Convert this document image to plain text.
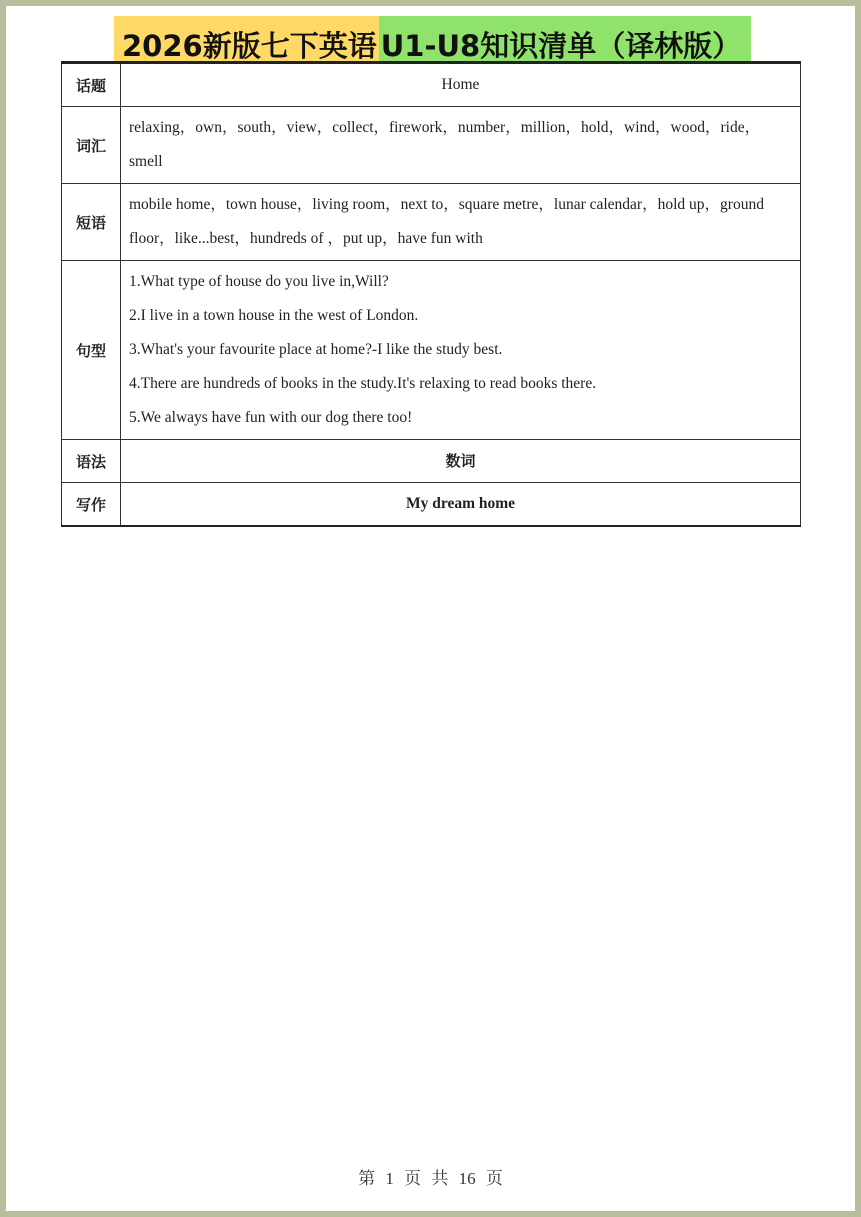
2026新版七下英语 U1-U8知识清单（译林版）
话题	Home
词汇	relaxing，own，south，view，collect，firework，number，million，hold，wind，wood，ride，smell
短语	mobile home，town house，living room，next to，square metre，lunar calendar，hold up，ground floor，like...best，hundreds of ，put up，have fun with
句型	1.What type of house do you live in,Will?
2.I live in a town house in the west of London.
3.What's your favourite place at home?-I like the study best.
4.There are hundreds of books in the study.It's relaxing to read books there.
5.We always have fun with our dog there too!

语法	数词
写作	My dream home
第 1 页 共 16 页
